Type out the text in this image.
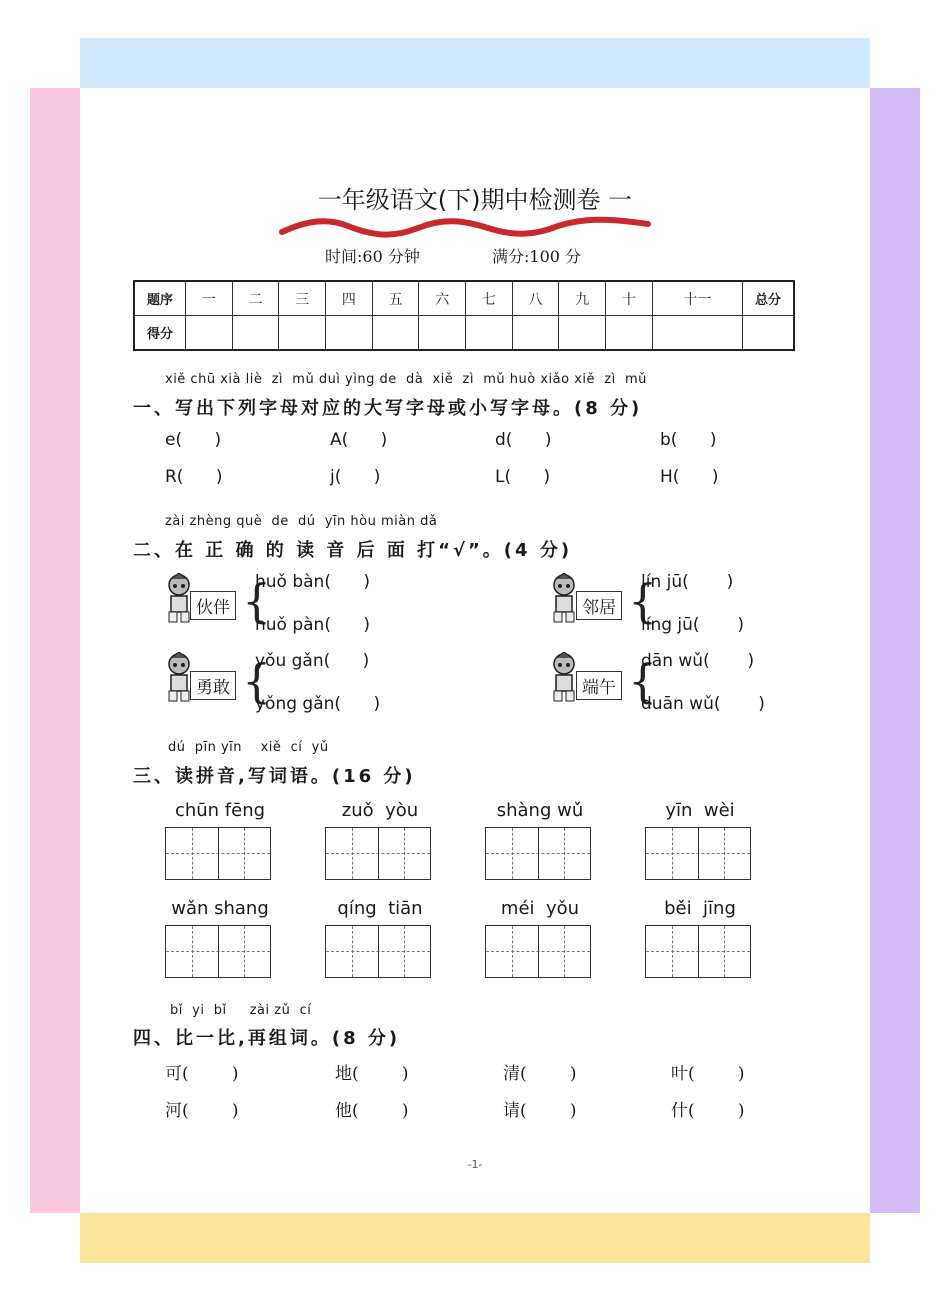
一年级语文(下)期中检测卷 一
时间:60 分钟	满分:100 分
题序	一	二	三	四	五	六	七	八	九	十	十一	总分
得分												
xiě chū xià liè  zì  mǔ duì yìng de  dà  xiě  zì  mǔ huò xiǎo xiě  zì  mǔ
一、写出下列字母对应的大写字母或小写字母。(8 分)
e(      )	A(      )	d(      )	b(      )
R(      )	j(      )	L(      )	H(      )
zài zhèng què  de  dú  yīn hòu miàn dǎ
二、在 正 确 的 读 音 后 面 打“√”。(4 分)
伙伴 {
huǒ bàn(      )
huǒ pàn(      )
邻居 {
lín jū(       )
líng jū(       )
勇敢 {
yǒu gǎn(      )
yǒng gǎn(      )
端午 {
dān wǔ(       )
duān wǔ(       )
dú  pīn yīn    xiě  cí  yǔ
三、读拼音,写词语。(16 分)
chūn fēng	zuǒ  yòu	shàng wǔ	yīn  wèi
wǎn shang	qíng  tiān	méi  yǒu	běi  jīng
bǐ  yi  bǐ     zài zǔ  cí
四、比一比,再组词。(8 分)
可(        )	地(        )	清(        )	叶(        )
河(        )	他(        )	请(        )	什(        )
-1-
